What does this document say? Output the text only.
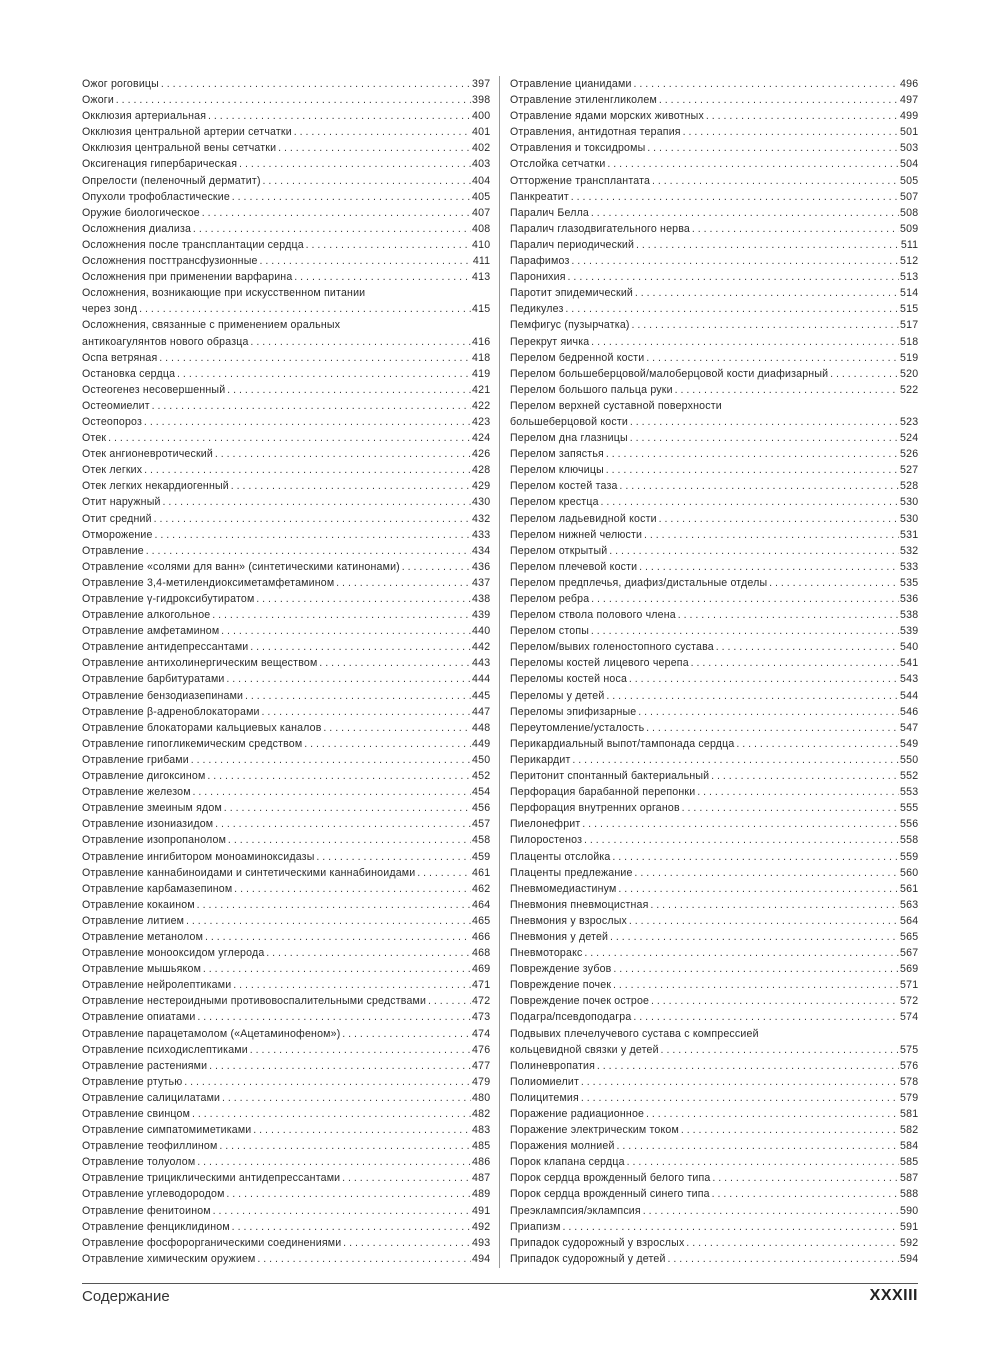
Ожог роговицы . . .	397
Ожоги . . .	398
Окклюзия артериальная . . .	400
Окклюзия центральной артерии сетчатки . . .	401
Окклюзия центральной вены сетчатки . . .	402
Оксигенация гипербарическая . . .	403
Опрелости (пеленочный дерматит) . . .	404
Опухоли трофобластические . . .	405
Оружие биологическое . . .	407
Осложнения диализа . . .	408
Осложнения после трансплантации сердца . . .	410
Осложнения посттрансфузионные . . .	411
Осложнения при применении варфарина . . .	413
Осложнения, возникающие при искусственном питании
через зонд . . .	415
Осложнения, связанные с применением оральных
антикоагулянтов нового образца . . .	416
Оспа ветряная . . .	418
Остановка сердца . . .	419
Остеогенез несовершенный . . .	421
Остеомиелит . . .	422
Остеопороз . . .	423
Отек . . .	424
Отек ангионевротический . . .	426
Отек легких . . .	428
Отек легких некардиогенный . . .	429
Отит наружный . . .	430
Отит средний . . .	432
Отморожение . . .	433
Отравление . . .	434
Отравление «солями для ванн» (синтетическими катинонами) . . .	436
Отравление 3,4-метилендиоксиметамфетамином . . .	437
Отравление γ-гидроксибутиратом . . .	438
Отравление алкогольное . . .	439
Отравление амфетамином . . .	440
Отравление антидепрессантами . . .	442
Отравление антихолинергическим веществом . . .	443
Отравление барбитуратами . . .	444
Отравление бензодиазепинами . . .	445
Отравление β-адреноблокаторами . . .	447
Отравление блокаторами кальциевых каналов . . .	448
Отравление гипогликемическим средством . . .	449
Отравление грибами . . .	450
Отравление дигоксином . . .	452
Отравление железом . . .	454
Отравление змеиным ядом . . .	456
Отравление изониазидом . . .	457
Отравление изопропанолом . . .	458
Отравление ингибитором моноаминоксидазы . . .	459
Отравление каннабиноидами и синтетическими каннабиноидами . . .	461
Отравление карбамазепином . . .	462
Отравление кокаином . . .	464
Отравление литием . . .	465
Отравление метанолом . . .	466
Отравление монооксидом углерода . . .	468
Отравление мышьяком . . .	469
Отравление нейролептиками . . .	471
Отравление нестероидными противовоспалительными средствами . . .	472
Отравление опиатами . . .	473
Отравление парацетамолом («Ацетаминофеном») . . .	474
Отравление психодислептиками . . .	476
Отравление растениями . . .	477
Отравление ртутью . . .	479
Отравление салицилатами . . .	480
Отравление свинцом . . .	482
Отравление симпатомиметиками . . .	483
Отравление теофиллином . . .	485
Отравление толуолом . . .	486
Отравление трициклическими антидепрессантами . . .	487
Отравление углеводородом . . .	489
Отравление фенитоином . . .	491
Отравление фенциклидином . . .	492
Отравление фосфорорганическими соединениями . . .	493
Отравление химическим оружием . . .	494
Отравление цианидами . . .	496
Отравление этиленгликолем . . .	497
Отравление ядами морских животных . . .	499
Отравления, антидотная терапия . . .	501
Отравления и токсидромы . . .	503
Отслойка сетчатки . . .	504
Отторжение трансплантата . . .	505
Панкреатит . . .	507
Паралич Белла . . .	508
Паралич глазодвигательного нерва . . .	509
Паралич периодический . . .	511
Парафимоз . . .	512
Паронихия . . .	513
Паротит эпидемический . . .	514
Педикулез . . .	515
Пемфигус (пузырчатка) . . .	517
Перекрут яичка . . .	518
Перелом бедренной кости . . .	519
Перелом большеберцовой/малоберцовой кости диафизарный . . .	520
Перелом большого пальца руки . . .	522
Перелом верхней суставной поверхности
большеберцовой кости . . .	523
Перелом дна глазницы . . .	524
Перелом запястья . . .	526
Перелом ключицы . . .	527
Перелом костей таза . . .	528
Перелом крестца . . .	530
Перелом ладьевидной кости . . .	530
Перелом нижней челюсти . . .	531
Перелом открытый . . .	532
Перелом плечевой кости . . .	533
Перелом предплечья, диафиз/дистальные отделы . . .	535
Перелом ребра . . .	536
Перелом ствола полового члена . . .	538
Перелом стопы . . .	539
Перелом/вывих голеностопного сустава . . .	540
Переломы костей лицевого черепа . . .	541
Переломы костей носа . . .	543
Переломы у детей . . .	544
Переломы эпифизарные . . .	546
Переутомление/усталость . . .	547
Перикардиальный выпот/тампонада сердца . . .	549
Перикардит . . .	550
Перитонит спонтанный бактериальный . . .	552
Перфорация барабанной перепонки . . .	553
Перфорация внутренних органов . . .	555
Пиелонефрит . . .	556
Пилоростеноз . . .	558
Плаценты отслойка . . .	559
Плаценты предлежание . . .	560
Пневмомедиастинум . . .	561
Пневмония пневмоцистная . . .	563
Пневмония у взрослых . . .	564
Пневмония у детей . . .	565
Пневмоторакс . . .	567
Повреждение зубов . . .	569
Повреждение почек . . .	571
Повреждение почек острое . . .	572
Подагра/псевдоподагра . . .	574
Подвывих плечелучевого сустава с компрессией
кольцевидной связки у детей . . .	575
Полиневропатия . . .	576
Полиомиелит . . .	578
Полицитемия . . .	579
Поражение радиационное . . .	581
Поражение электрическим током . . .	582
Поражения молнией . . .	584
Порок клапана сердца . . .	585
Порок сердца врожденный белого типа . . .	587
Порок сердца врожденный синего типа . . .	588
Преэклампсия/эклампсия . . .	590
Приапизм . . .	591
Припадок судорожный у взрослых . . .	592
Припадок судорожный у детей . . .	594
Содержание	XXXIII
